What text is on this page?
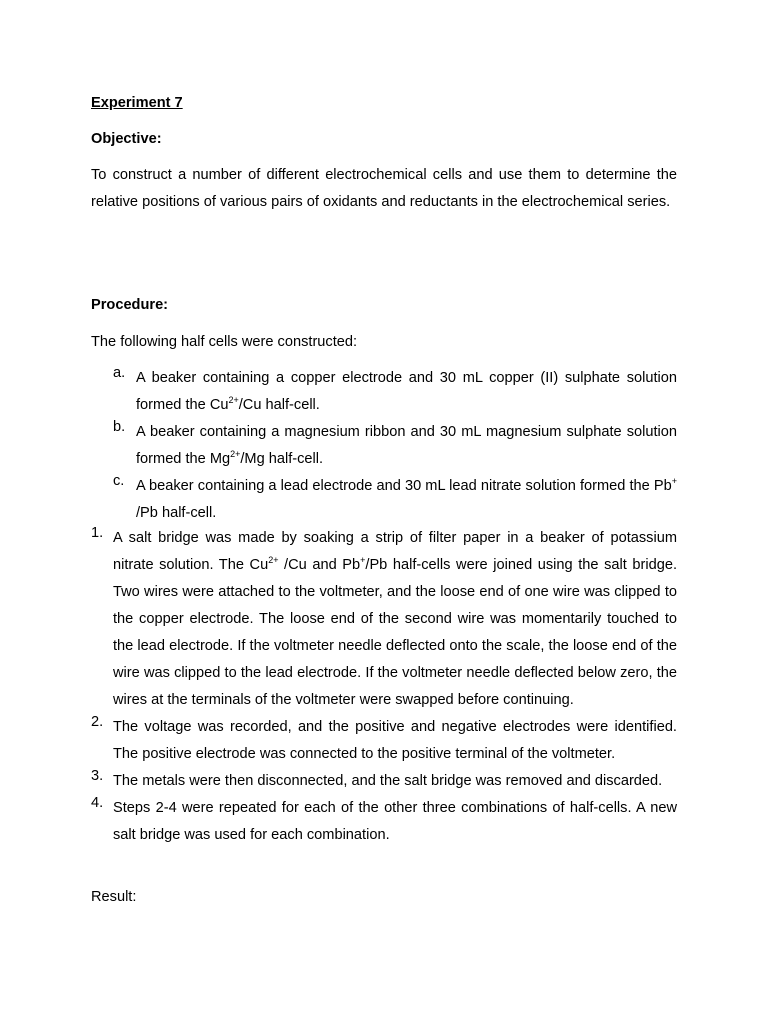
Experiment 7
Objective:

To construct a number of different electrochemical cells and use them to determine the relative positions of various pairs of oxidants and reductants in the electrochemical series.

Procedure:
The following half cells were constructed:
a. A beaker containing a copper electrode and 30 mL copper (II) sulphate solution formed the $Cu^{2+}/Cu$ half-cell.
b. A beaker containing a magnesium ribbon and 30 mL magnesium sulphate solution formed the $Mg^{2+}/Mg$ half-cell.
c. A beaker containing a lead electrode and 30 mL lead nitrate solution formed the Pb+ /Pb half-cell.
1. A salt bridge was made by soaking a strip of filter paper in a beaker of potassium nitrate solution. The $Cu^{2+}$ /Cu and Pb+/Pb half-cells were joined using the salt bridge. Two wires were attached to the voltmeter, and the loose end of one wire was clipped to the copper electrode. The loose end of the second wire was momentarily touched to the lead electrode. If the voltmeter needle deflected onto the scale, the loose end of the wire was clipped to the lead electrode. If the voltmeter needle deflected below zero, the wires at the terminals of the voltmeter were swapped before continuing.
2. The voltage was recorded, and the positive and negative electrodes were identified. The positive electrode was connected to the positive terminal of the voltmeter.
3. The metals were then disconnected, and the salt bridge was removed and discarded.
4. Steps 2-4 were repeated for each of the other three combinations of half-cells. A new salt bridge was used for each combination.
Result:
